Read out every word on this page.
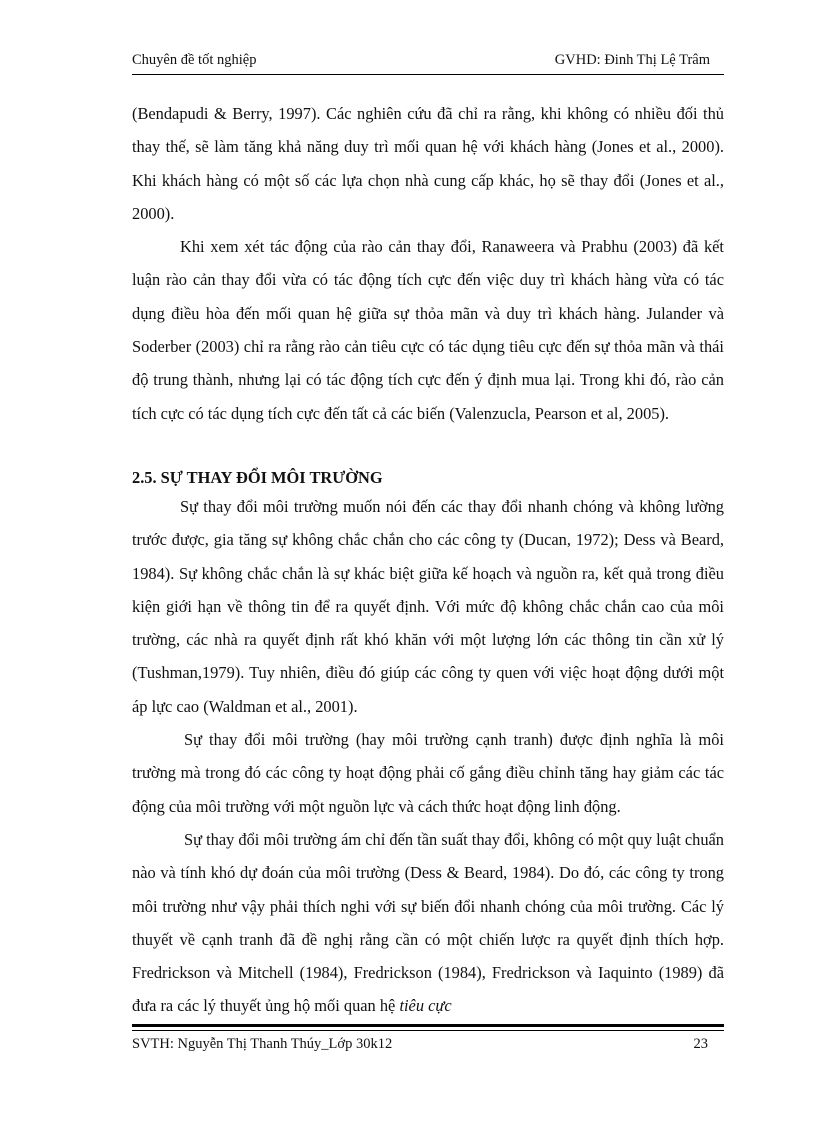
Chuyên đề tốt nghiệp	GVHD: Đinh Thị Lệ Trâm

(Bendapudi & Berry, 1997). Các nghiên cứu đã chỉ ra rằng, khi không có nhiều đối thủ thay thế, sẽ làm tăng khả năng duy trì mối quan hệ với khách hàng (Jones et al., 2000). Khi khách hàng có một số các lựa chọn nhà cung cấp khác, họ sẽ thay đổi (Jones et al., 2000).

Khi xem xét tác động của rào cản thay đổi, Ranaweera và Prabhu (2003) đã kết luận rào cản thay đổi vừa có tác động tích cực đến việc duy trì khách hàng vừa có tác dụng điều hòa đến mối quan hệ giữa sự thỏa mãn và duy trì khách hàng. Julander và Soderber (2003) chỉ ra rằng rào cản tiêu cực có tác dụng tiêu cực đến sự thỏa mãn và thái độ trung thành, nhưng lại có tác động tích cực đến ý định mua lại. Trong khi đó, rào cản tích cực có tác dụng tích cực đến tất cả các biến (Valenzucla, Pearson et al, 2005).

2.5. SỰ THAY ĐỔI MÔI TRƯỜNG

Sự thay đổi môi trường muốn nói đến các thay đổi nhanh chóng và không lường trước được, gia tăng sự không chắc chắn cho các công ty (Ducan, 1972); Dess và Beard, 1984). Sự không chắc chắn là sự khác biệt giữa kế hoạch và nguồn ra, kết quả trong điều kiện giới hạn về thông tin để ra quyết định. Với mức độ không chắc chắn cao của môi trường, các nhà ra quyết định rất khó khăn với một lượng lớn các thông tin cần xử lý (Tushman,1979). Tuy nhiên, điều đó giúp các công ty quen với việc hoạt động dưới một áp lực cao (Waldman et al., 2001).

Sự thay đổi môi trường (hay môi trường cạnh tranh) được định nghĩa là môi trường mà trong đó các công ty hoạt động phải cố gắng điều chỉnh tăng hay giảm các tác động của môi trường với một nguồn lực và cách thức hoạt động linh động.

Sự thay đổi môi trường ám chỉ đến tần suất thay đổi, không có một quy luật chuẩn nào và tính khó dự đoán của môi trường (Dess & Beard, 1984). Do đó, các công ty trong môi trường như vậy phải thích nghi với sự biến đổi nhanh chóng của môi trường. Các lý thuyết về cạnh tranh đã đề nghị rằng cần có một chiến lược ra quyết định thích hợp. Fredrickson và Mitchell (1984), Fredrickson (1984), Fredrickson và Iaquinto (1989) đã đưa ra các lý thuyết ủng hộ mối quan hệ tiêu cực

SVTH: Nguyễn Thị Thanh Thúy_Lớp 30k12	23
